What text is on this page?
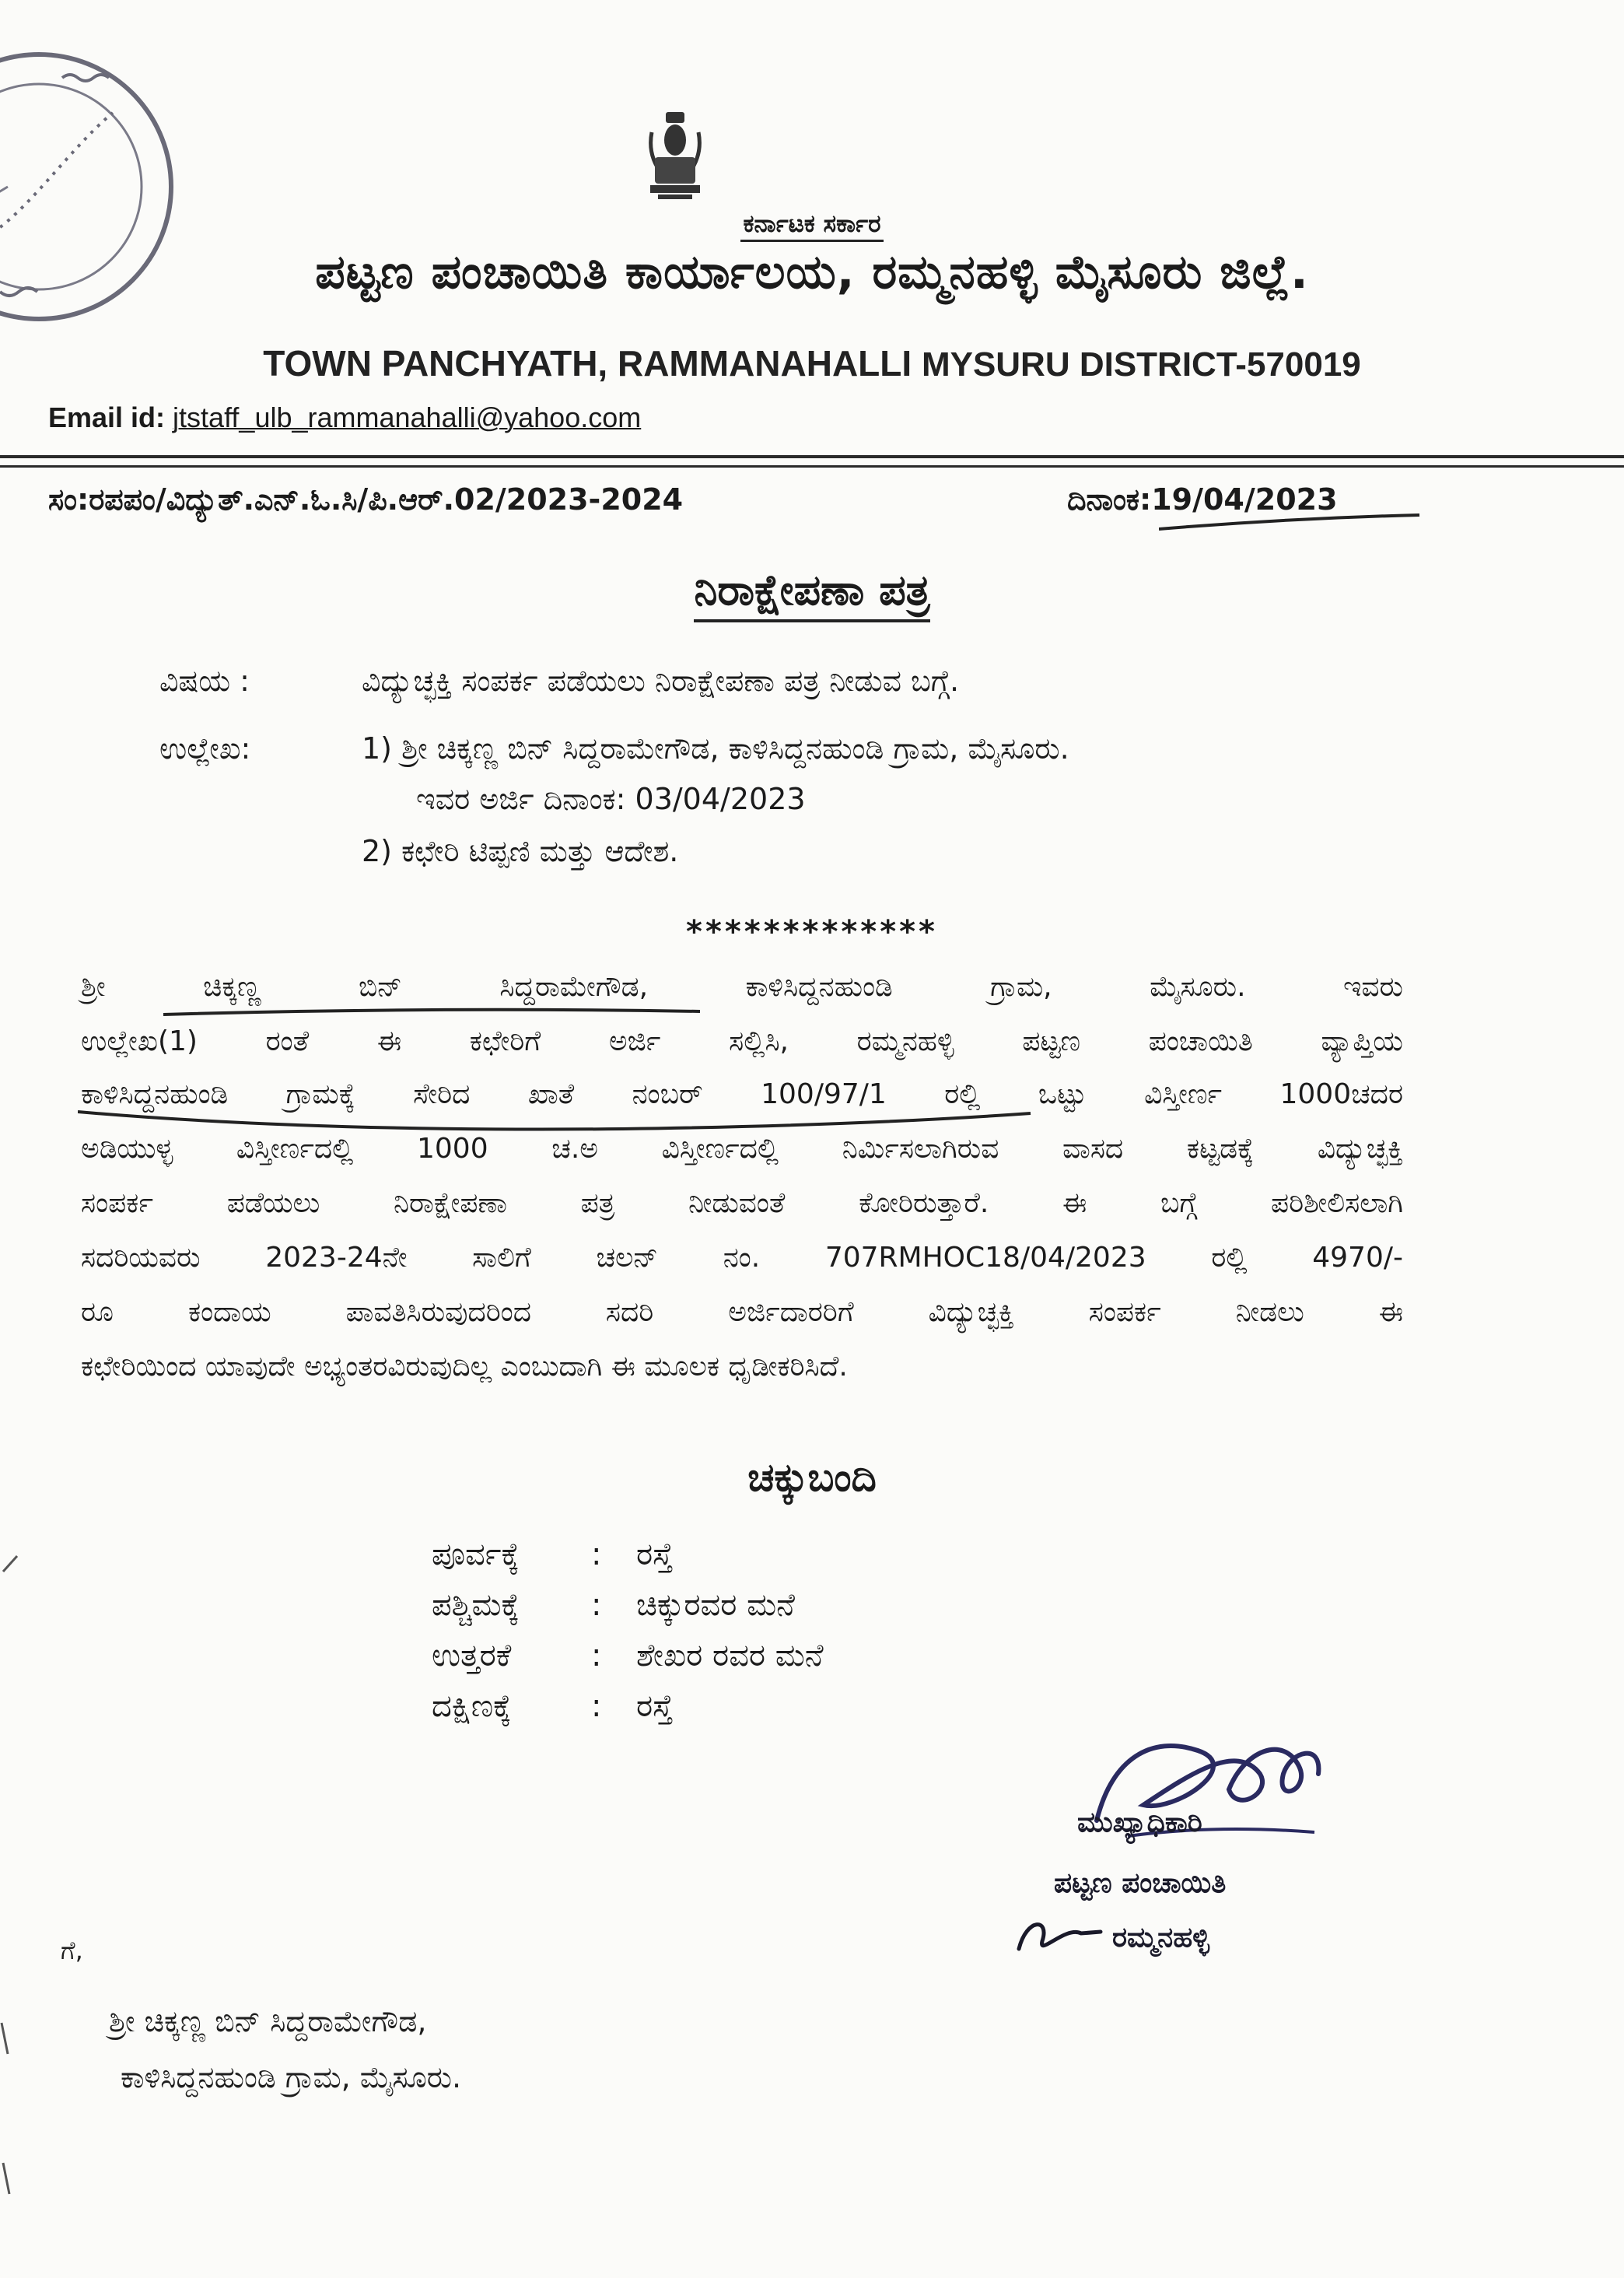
ಕರ್ನಾಟಕ ಸರ್ಕಾರ
ಪಟ್ಟಣ ಪಂಚಾಯಿತಿ ಕಾರ್ಯಾಲಯ, ರಮ್ಮನಹಳ್ಳಿ ಮೈಸೂರು ಜಿಲ್ಲೆ.
TOWN PANCHYATH, RAMMANAHALLI MYSURU DISTRICT-570019
Email id: jtstaff_ulb_rammanahalli@yahoo.com
ಸಂ:ರಪಪಂ/ವಿದ್ಯುತ್.ಎನ್.ಓ.ಸಿ/ಪಿ.ಆರ್.02/2023-2024	ದಿನಾಂಕ:19/04/2023
ನಿರಾಕ್ಷೇಪಣಾ ಪತ್ರ
ವಿಷಯ :	ವಿದ್ಯುಚ್ಛಕ್ತಿ ಸಂಪರ್ಕ ಪಡೆಯಲು ನಿರಾಕ್ಷೇಪಣಾ ಪತ್ರ ನೀಡುವ ಬಗ್ಗೆ.
ಉಲ್ಲೇಖ:	1) ಶ್ರೀ ಚಿಕ್ಕಣ್ಣ ಬಿನ್ ಸಿದ್ದರಾಮೇಗೌಡ, ಕಾಳಿಸಿದ್ದನಹುಂಡಿ ಗ್ರಾಮ, ಮೈಸೂರು.
ಇವರ ಅರ್ಜಿ ದಿನಾಂಕ: 03/04/2023
2) ಕಛೇರಿ ಟಿಪ್ಪಣಿ ಮತ್ತು ಆದೇಶ.
*************
ಶ್ರೀ ಚಿಕ್ಕಣ್ಣ ಬಿನ್ ಸಿದ್ದರಾಮೇಗೌಡ, ಕಾಳಿಸಿದ್ದನಹುಂಡಿ ಗ್ರಾಮ, ಮೈಸೂರು. ಇವರು
ಉಲ್ಲೇಖ(1) ರಂತೆ ಈ ಕಛೇರಿಗೆ ಅರ್ಜಿ ಸಲ್ಲಿಸಿ, ರಮ್ಮನಹಳ್ಳಿ ಪಟ್ಟಣ ಪಂಚಾಯಿತಿ ವ್ಯಾಪ್ತಿಯ
ಕಾಳಿಸಿದ್ದನಹುಂಡಿ ಗ್ರಾಮಕ್ಕೆ ಸೇರಿದ ಖಾತೆ ನಂಬರ್ 100/97/1 ರಲ್ಲಿ ಒಟ್ಟು ವಿಸ್ತೀರ್ಣ 1000ಚದರ
ಅಡಿಯುಳ್ಳ ವಿಸ್ತೀರ್ಣದಲ್ಲಿ 1000 ಚ.ಅ ವಿಸ್ತೀರ್ಣದಲ್ಲಿ ನಿರ್ಮಿಸಲಾಗಿರುವ ವಾಸದ ಕಟ್ಟಡಕ್ಕೆ ವಿದ್ಯುಚ್ಛಕ್ತಿ
ಸಂಪರ್ಕ ಪಡೆಯಲು ನಿರಾಕ್ಷೇಪಣಾ ಪತ್ರ ನೀಡುವಂತೆ ಕೋರಿರುತ್ತಾರೆ. ಈ ಬಗ್ಗೆ ಪರಿಶೀಲಿಸಲಾಗಿ
ಸದರಿಯವರು 2023-24ನೇ ಸಾಲಿಗೆ ಚಲನ್ ನಂ. 707RMHOC18/04/2023 ರಲ್ಲಿ 4970/-
ರೂ ಕಂದಾಯ ಪಾವತಿಸಿರುವುದರಿಂದ ಸದರಿ ಅರ್ಜಿದಾರರಿಗೆ ವಿದ್ಯುಚ್ಛಕ್ತಿ ಸಂಪರ್ಕ ನೀಡಲು ಈ
ಕಛೇರಿಯಿಂದ ಯಾವುದೇ ಅಭ್ಯಂತರವಿರುವುದಿಲ್ಲ ಎಂಬುದಾಗಿ ಈ ಮೂಲಕ ಧೃಡೀಕರಿಸಿದೆ.
ಚಕ್ಕುಬಂದಿ
ಪೂರ್ವಕ್ಕೆ : ರಸ್ತೆ
ಪಶ್ಚಿಮಕ್ಕೆ : ಚಿಕ್ಕುರವರ ಮನೆ
ಉತ್ತರಕೆ	: ಶೇಖರ ರವರ ಮನೆ
ದಕ್ಷಿಣಕ್ಕೆ	: ರಸ್ತೆ
ಮುಖ್ಯಾಧಿಕಾರಿ
ಪಟ್ಟಣ ಪಂಚಾಯಿತಿ
ರಮ್ಮನಹಳ್ಳಿ
ಗೆ,
ಶ್ರೀ ಚಿಕ್ಕಣ್ಣ ಬಿನ್ ಸಿದ್ದರಾಮೇಗೌಡ,
ಕಾಳಿಸಿದ್ದನಹುಂಡಿ ಗ್ರಾಮ, ಮೈಸೂರು.
